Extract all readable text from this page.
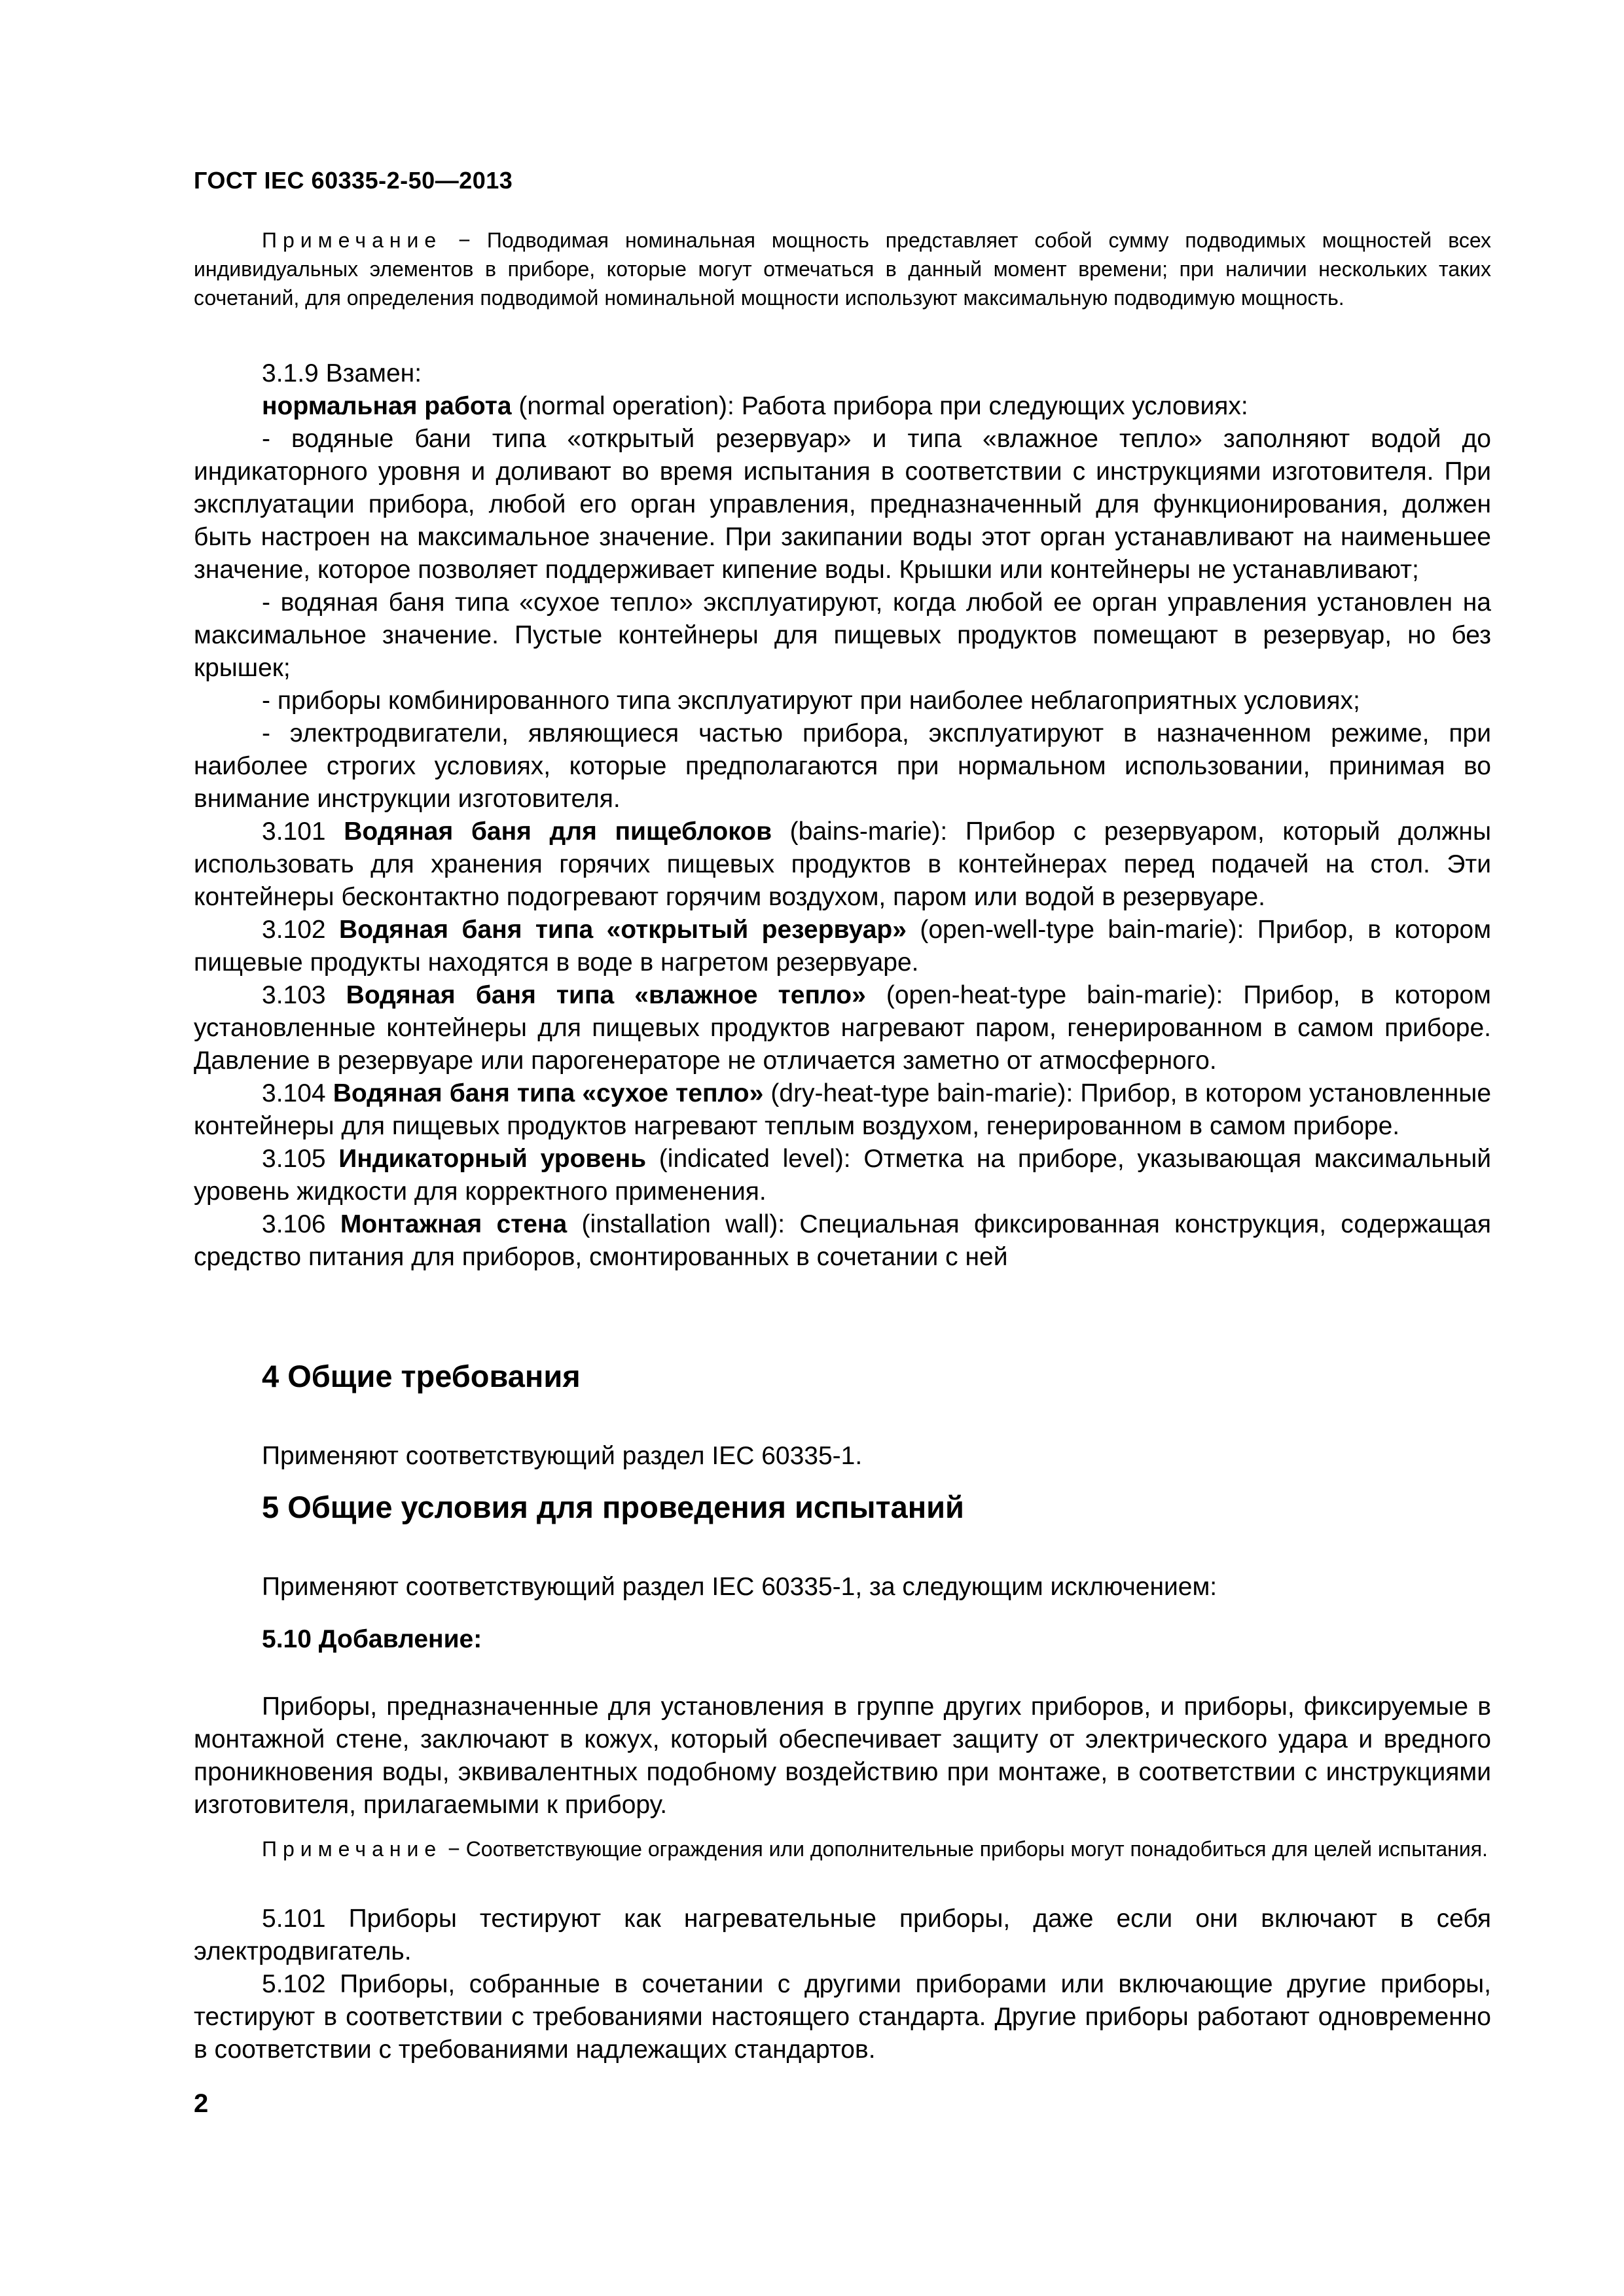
ГОСТ IEC 60335-2-50—2013

Примечание − Подводимая номинальная мощность представляет собой сумму подводимых мощностей всех индивидуальных элементов в приборе, которые могут отмечаться в данный момент времени; при наличии нескольких таких сочетаний, для определения подводимой номинальной мощности используют максимальную подводимую мощность.

3.1.9 Взамен:

нормальная работа (normal operation): Работа прибора при следующих условиях:

- водяные бани типа «открытый резервуар» и типа «влажное тепло» заполняют водой до индикаторного уровня и доливают во время испытания в соответствии с инструкциями изготовителя. При эксплуатации прибора, любой его орган управления, предназначенный для функционирования, должен быть настроен на максимальное значение. При закипании воды этот орган устанавливают на наименьшее значение, которое позволяет поддерживает кипение воды. Крышки или контейнеры не устанавливают;

- водяная баня типа «сухое тепло» эксплуатируют, когда любой ее орган управления установлен на максимальное значение. Пустые контейнеры для пищевых продуктов помещают в резервуар, но без крышек;

- приборы комбинированного типа эксплуатируют при наиболее неблагоприятных условиях;

- электродвигатели, являющиеся частью прибора, эксплуатируют в назначенном режиме, при наиболее строгих условиях, которые предполагаются при нормальном использовании, принимая во внимание инструкции изготовителя.

3.101 Водяная баня для пищеблоков (bains-marie): Прибор с резервуаром, который должны использовать для хранения горячих пищевых продуктов в контейнерах перед подачей на стол. Эти контейнеры бесконтактно подогревают горячим воздухом, паром или водой в резервуаре.

3.102 Водяная баня типа «открытый резервуар» (open-well-type bain-marie): Прибор, в котором пищевые продукты находятся в воде в нагретом резервуаре.

3.103 Водяная баня типа «влажное тепло» (open-heat-type bain-marie): Прибор, в котором установленные контейнеры для пищевых продуктов нагревают паром, генерированном в самом приборе. Давление в резервуаре или парогенераторе не отличается заметно от атмосферного.

3.104 Водяная баня типа «сухое тепло» (dry-heat-type bain-marie): Прибор, в котором установленные контейнеры для пищевых продуктов нагревают теплым воздухом, генерированном в самом приборе.

3.105 Индикаторный уровень (indicated level): Отметка на приборе, указывающая максимальный уровень жидкости для корректного применения.

3.106 Монтажная стена (installation wall): Специальная фиксированная конструкция, содержащая средство питания для приборов, смонтированных в сочетании с ней

4 Общие требования

Применяют соответствующий раздел IEC 60335-1.

5 Общие условия для проведения испытаний

Применяют соответствующий раздел IEC 60335-1, за следующим исключением:

5.10 Добавление:

Приборы, предназначенные для установления в группе других приборов, и приборы, фиксируемые в монтажной стене, заключают в кожух, который обеспечивает защиту от электрического удара и вредного проникновения воды, эквивалентных подобному воздействию при монтаже, в соответствии с инструкциями изготовителя, прилагаемыми к прибору.

Примечание − Соответствующие ограждения или дополнительные приборы могут понадобиться для целей испытания.

5.101 Приборы тестируют как нагревательные приборы, даже если они включают в себя электродвигатель.

5.102 Приборы, собранные в сочетании с другими приборами или включающие другие приборы, тестируют в соответствии с требованиями настоящего стандарта. Другие приборы работают одновременно в соответствии с требованиями надлежащих стандартов.

2
